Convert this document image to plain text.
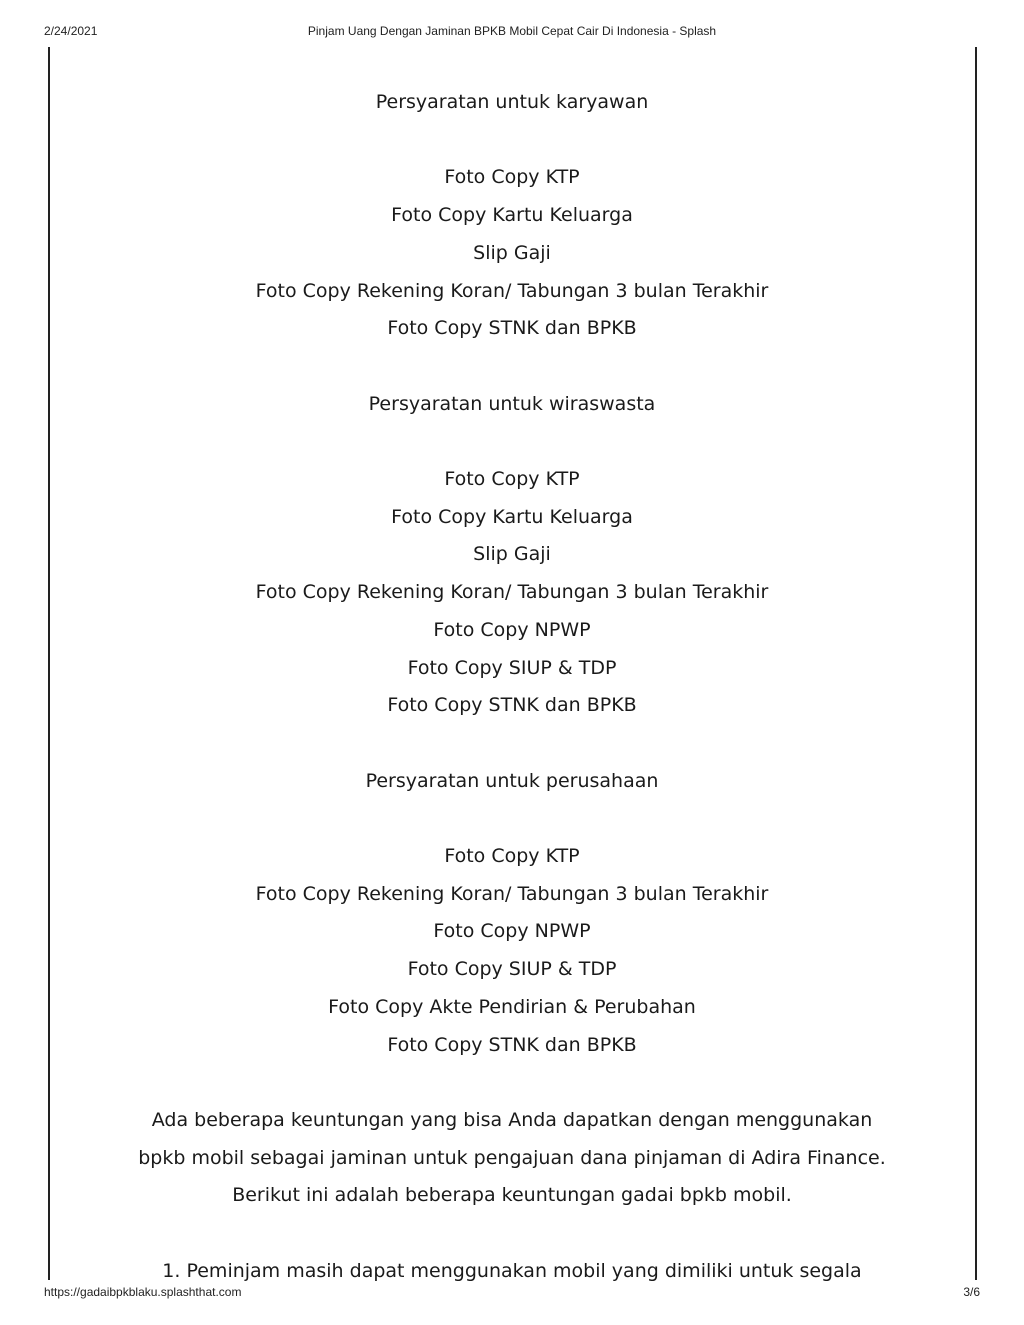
2/24/2021	Pinjam Uang Dengan Jaminan BPKB Mobil Cepat Cair Di Indonesia - Splash
Persyaratan untuk karyawan
Foto Copy KTP
Foto Copy Kartu Keluarga
Slip Gaji
Foto Copy Rekening Koran/ Tabungan 3 bulan Terakhir
Foto Copy STNK dan BPKB
Persyaratan untuk wiraswasta
Foto Copy KTP
Foto Copy Kartu Keluarga
Slip Gaji
Foto Copy Rekening Koran/ Tabungan 3 bulan Terakhir
Foto Copy NPWP
Foto Copy SIUP & TDP
Foto Copy STNK dan BPKB
Persyaratan untuk perusahaan
Foto Copy KTP
Foto Copy Rekening Koran/ Tabungan 3 bulan Terakhir
Foto Copy NPWP
Foto Copy SIUP & TDP
Foto Copy Akte Pendirian & Perubahan
Foto Copy STNK dan BPKB
Ada beberapa keuntungan yang bisa Anda dapatkan dengan menggunakan bpkb mobil sebagai jaminan untuk pengajuan dana pinjaman di Adira Finance. Berikut ini adalah beberapa keuntungan gadai bpkb mobil.
1. Peminjam masih dapat menggunakan mobil yang dimiliki untuk segala
https://gadaibpkblaku.splashthat.com	3/6
